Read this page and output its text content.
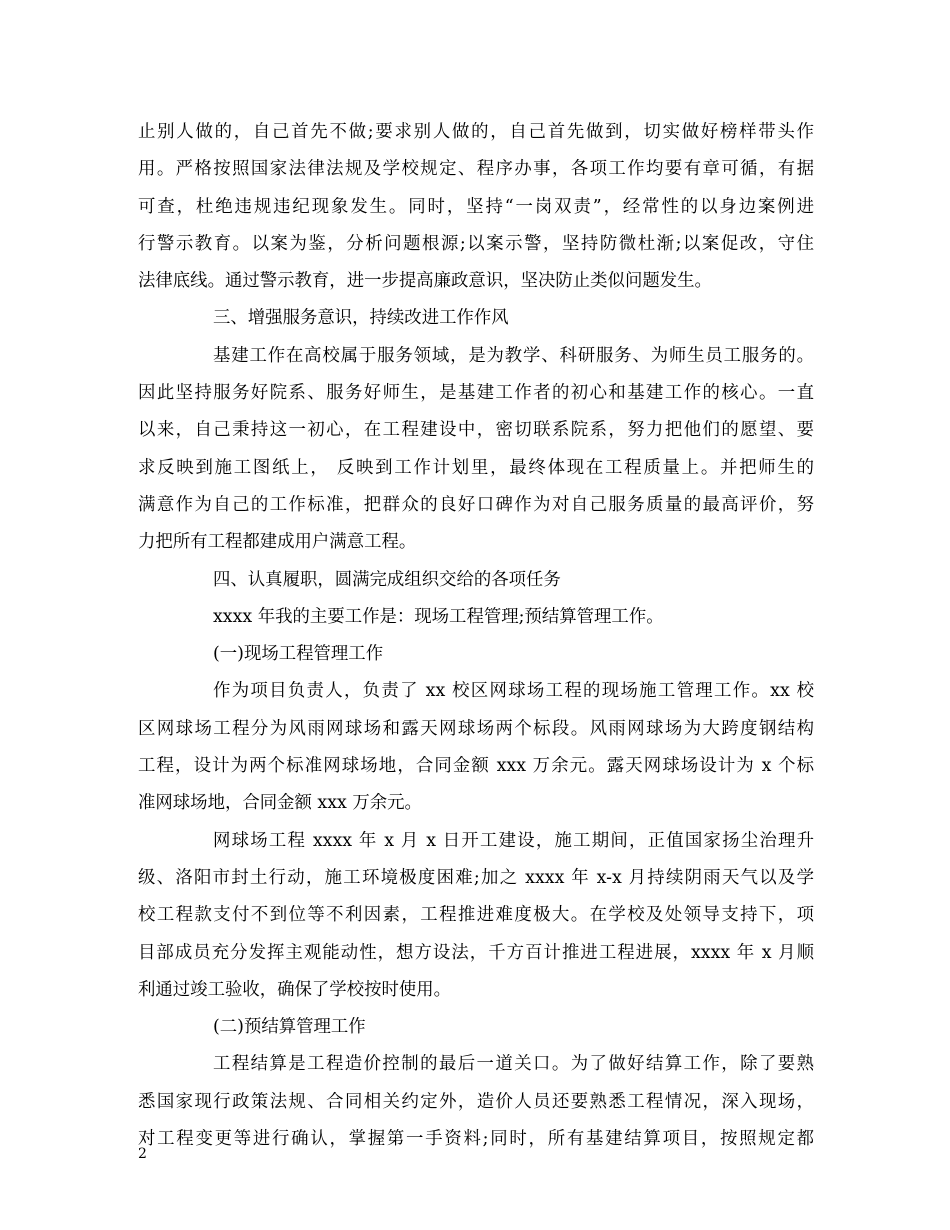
止别人做的，自己首先不做;要求别人做的，自己首先做到，切实做好榜样带头作
用。严格按照国家法律法规及学校规定、程序办事，各项工作均要有章可循，有据
可查，杜绝违规违纪现象发生。同时，坚持“一岗双责”，经常性的以身边案例进
行警示教育。以案为鉴，分析问题根源;以案示警，坚持防微杜渐;以案促改，守住
法律底线。通过警示教育，进一步提高廉政意识，坚决防止类似问题发生。
三、增强服务意识，持续改进工作作风
基建工作在高校属于服务领域，是为教学、科研服务、为师生员工服务的。
因此坚持服务好院系、服务好师生，是基建工作者的初心和基建工作的核心。一直
以来，自己秉持这一初心，在工程建设中，密切联系院系，努力把他们的愿望、要
求反映到施工图纸上， 反映到工作计划里，最终体现在工程质量上。并把师生的
满意作为自己的工作标准，把群众的良好口碑作为对自己服务质量的最高评价，努
力把所有工程都建成用户满意工程。
四、认真履职，圆满完成组织交给的各项任务
xxxx 年我的主要工作是：现场工程管理;预结算管理工作。
(一)现场工程管理工作
作为项目负责人，负责了 xx 校区网球场工程的现场施工管理工作。xx 校
区网球场工程分为风雨网球场和露天网球场两个标段。风雨网球场为大跨度钢结构
工程，设计为两个标准网球场地，合同金额 xxx 万余元。露天网球场设计为 x 个标
准网球场地，合同金额 xxx 万余元。
网球场工程 xxxx 年 x 月 x 日开工建设，施工期间，正值国家扬尘治理升
级、洛阳市封土行动，施工环境极度困难;加之 xxxx 年 x-x 月持续阴雨天气以及学
校工程款支付不到位等不利因素，工程推进难度极大。在学校及处领导支持下，项
目部成员充分发挥主观能动性，想方设法，千方百计推进工程进展，xxxx 年 x 月顺
利通过竣工验收，确保了学校按时使用。
(二)预结算管理工作
工程结算是工程造价控制的最后一道关口。为了做好结算工作，除了要熟
悉国家现行政策法规、合同相关约定外，造价人员还要熟悉工程情况，深入现场，
对工程变更等进行确认，掌握第一手资料;同时，所有基建结算项目，按照规定都
2
